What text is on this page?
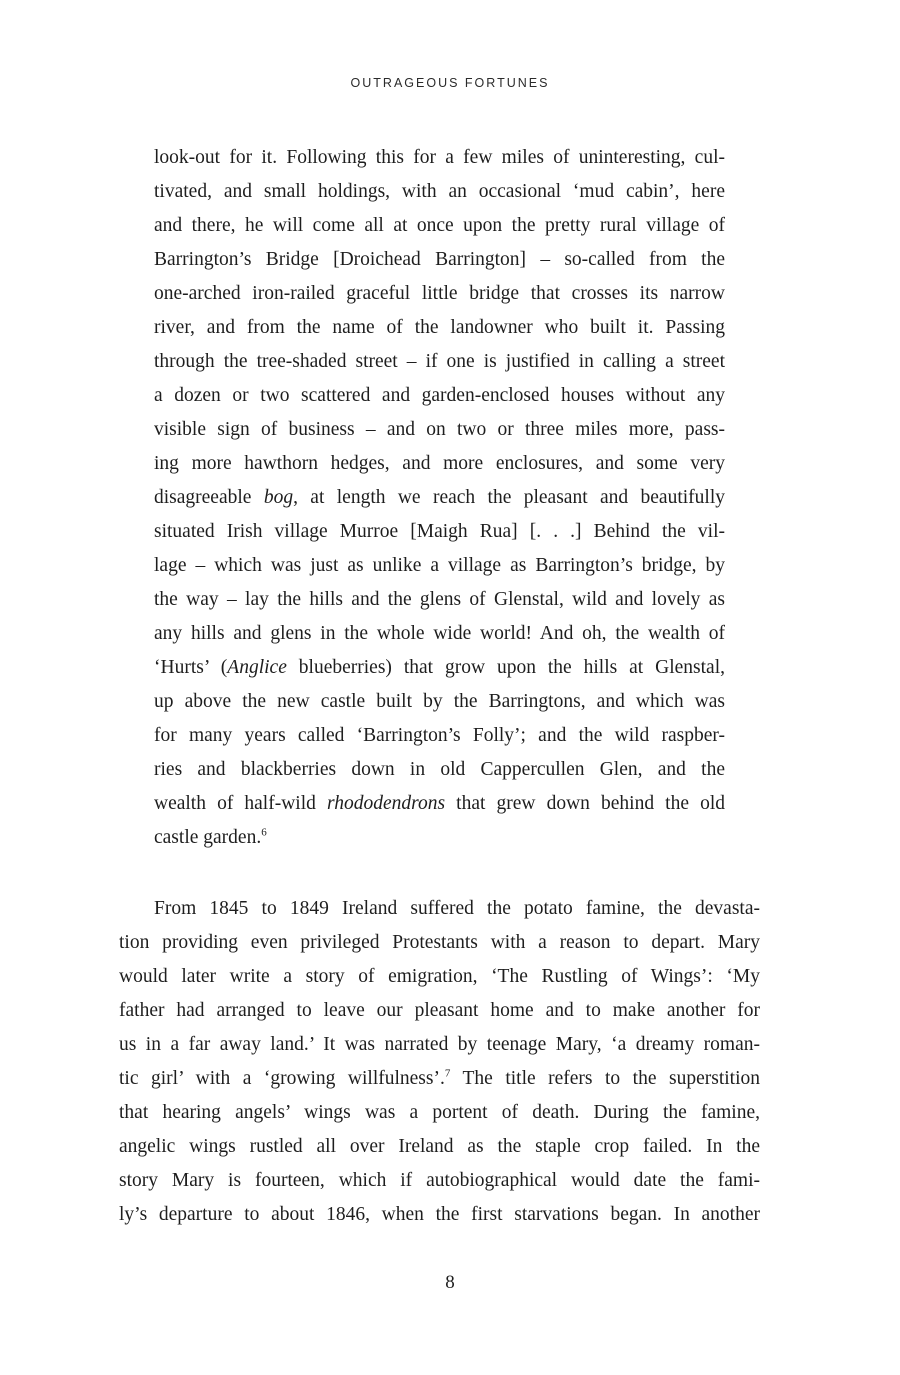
OUTRAGEOUS FORTUNES
look-out for it. Following this for a few miles of uninteresting, cul-
tivated, and small holdings, with an occasional ‘mud cabin’, here
and there, he will come all at once upon the pretty rural village of
Barrington’s Bridge [Droichead Barrington] – so-called from the
one-arched iron-railed graceful little bridge that crosses its narrow
river, and from the name of the landowner who built it. Passing
through the tree-shaded street – if one is justified in calling a street
a dozen or two scattered and garden-enclosed houses without any
visible sign of business – and on two or three miles more, pass-
ing more hawthorn hedges, and more enclosures, and some very
disagreeable bog, at length we reach the pleasant and beautifully
situated Irish village Murroe [Maigh Rua] [. . .] Behind the vil-
lage – which was just as unlike a village as Barrington’s bridge, by
the way – lay the hills and the glens of Glenstal, wild and lovely as
any hills and glens in the whole wide world! And oh, the wealth of
‘Hurts’ (Anglice blueberries) that grow upon the hills at Glenstal,
up above the new castle built by the Barringtons, and which was
for many years called ‘Barrington’s Folly’; and the wild raspber-
ries and blackberries down in old Cappercullen Glen, and the
wealth of half-wild rhododendrons that grew down behind the old
castle garden.$^6$
From 1845 to 1849 Ireland suffered the potato famine, the devasta-
tion providing even privileged Protestants with a reason to depart. Mary
would later write a story of emigration, ‘The Rustling of Wings’: ‘My
father had arranged to leave our pleasant home and to make another for
us in a far away land.’ It was narrated by teenage Mary, ‘a dreamy roman-
tic girl’ with a ‘growing willfulness’.$^7$ The title refers to the superstition
that hearing angels’ wings was a portent of death. During the famine,
angelic wings rustled all over Ireland as the staple crop failed. In the
story Mary is fourteen, which if autobiographical would date the fami-
ly’s departure to about 1846, when the first starvations began. In another
8
